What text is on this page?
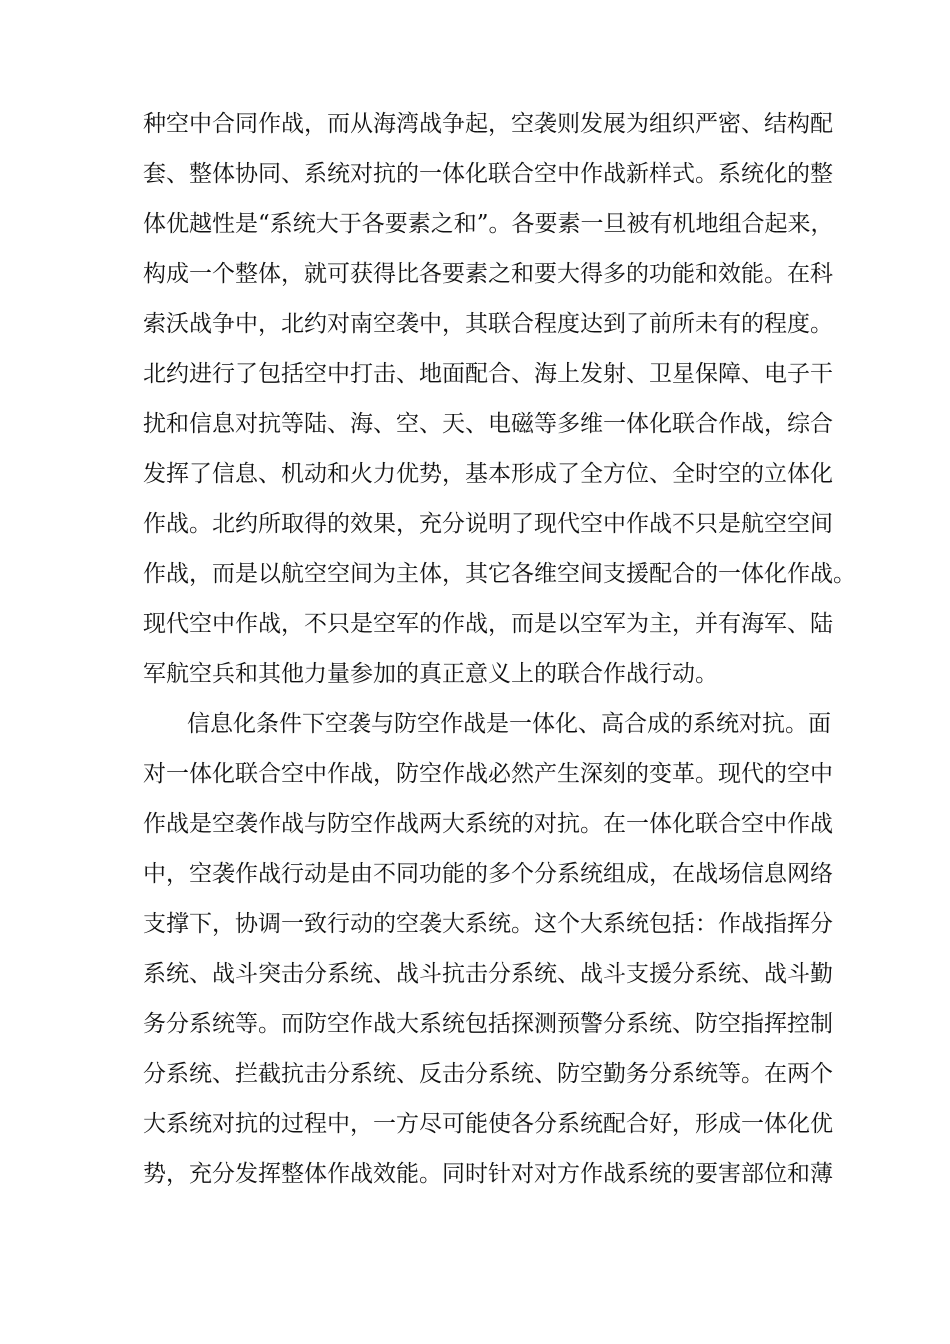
种空中合同作战，而从海湾战争起，空袭则发展为组织严密、结构配
套、整体协同、系统对抗的一体化联合空中作战新样式。系统化的整
体优越性是“系统大于各要素之和”。各要素一旦被有机地组合起来，
构成一个整体，就可获得比各要素之和要大得多的功能和效能。在科
索沃战争中，北约对南空袭中，其联合程度达到了前所未有的程度。
北约进行了包括空中打击、地面配合、海上发射、卫星保障、电子干
扰和信息对抗等陆、海、空、天、电磁等多维一体化联合作战，综合
发挥了信息、机动和火力优势，基本形成了全方位、全时空的立体化
作战。北约所取得的效果，充分说明了现代空中作战不只是航空空间
作战，而是以航空空间为主体，其它各维空间支援配合的一体化作战。
现代空中作战，不只是空军的作战，而是以空军为主，并有海军、陆
军航空兵和其他力量参加的真正意义上的联合作战行动。
信息化条件下空袭与防空作战是一体化、高合成的系统对抗。面
对一体化联合空中作战，防空作战必然产生深刻的变革。现代的空中
作战是空袭作战与防空作战两大系统的对抗。在一体化联合空中作战
中，空袭作战行动是由不同功能的多个分系统组成，在战场信息网络
支撑下，协调一致行动的空袭大系统。这个大系统包括：作战指挥分
系统、战斗突击分系统、战斗抗击分系统、战斗支援分系统、战斗勤
务分系统等。而防空作战大系统包括探测预警分系统、防空指挥控制
分系统、拦截抗击分系统、反击分系统、防空勤务分系统等。在两个
大系统对抗的过程中，一方尽可能使各分系统配合好，形成一体化优
势，充分发挥整体作战效能。同时针对对方作战系统的要害部位和薄
